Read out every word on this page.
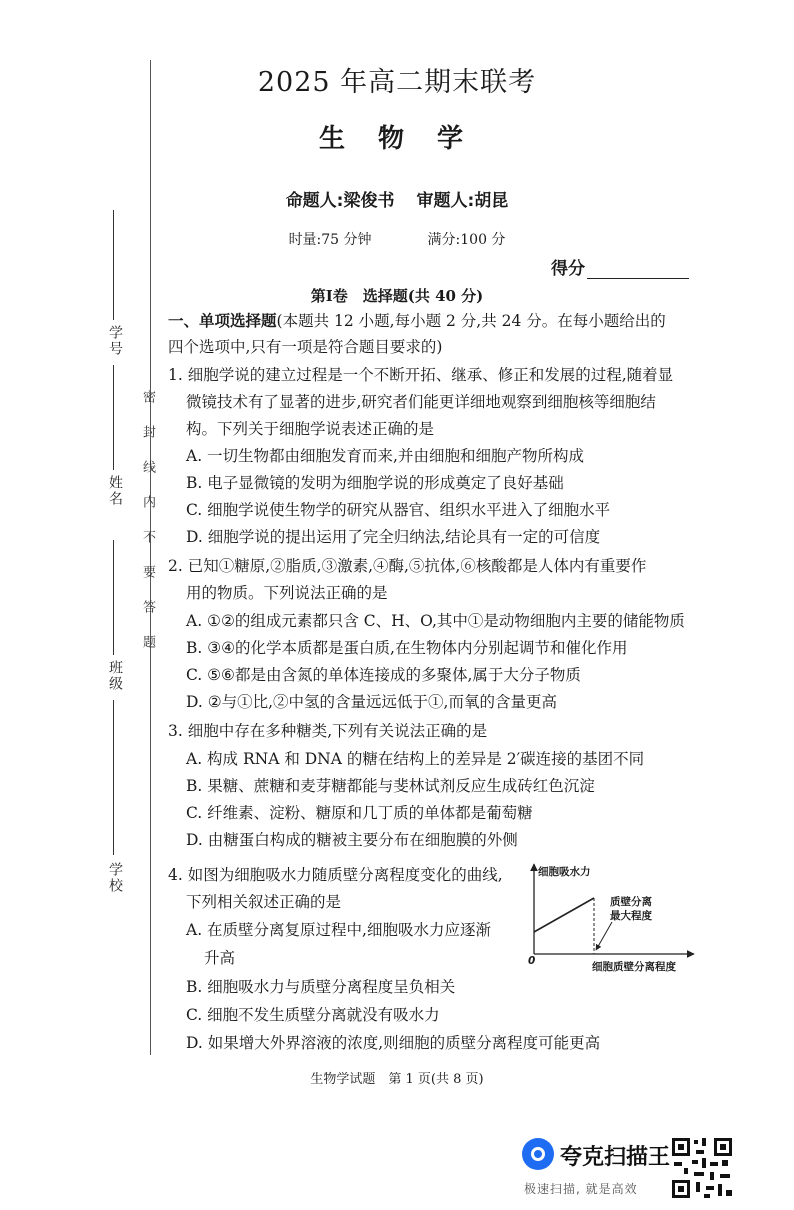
学号
姓名
班级
学校
密封线内不要答题
2025 年高二期末联考
生 物 学
命题人:梁俊书 审题人:胡昆
时量:75 分钟	满分:100 分
得分
第Ⅰ卷　选择题(共 40 分)
一、单项选择题(本题共 12 小题,每小题 2 分,共 24 分。在每小题给出的
四个选项中,只有一项是符合题目要求的)
1. 细胞学说的建立过程是一个不断开拓、继承、修正和发展的过程,随着显
微镜技术有了显著的进步,研究者们能更详细地观察到细胞核等细胞结
构。下列关于细胞学说表述正确的是
A. 一切生物都由细胞发育而来,并由细胞和细胞产物所构成
B. 电子显微镜的发明为细胞学说的形成奠定了良好基础
C. 细胞学说使生物学的研究从器官、组织水平进入了细胞水平
D. 细胞学说的提出运用了完全归纳法,结论具有一定的可信度
2. 已知①糖原,②脂质,③激素,④酶,⑤抗体,⑥核酸都是人体内有重要作
用的物质。下列说法正确的是
A. ①②的组成元素都只含 C、H、O,其中①是动物细胞内主要的储能物质
B. ③④的化学本质都是蛋白质,在生物体内分别起调节和催化作用
C. ⑤⑥都是由含氮的单体连接成的多聚体,属于大分子物质
D. ②与①比,②中氢的含量远远低于①,而氧的含量更高
3. 细胞中存在多种糖类,下列有关说法正确的是
A. 构成 RNA 和 DNA 的糖在结构上的差异是 2′碳连接的基团不同
B. 果糖、蔗糖和麦芽糖都能与斐林试剂反应生成砖红色沉淀
C. 纤维素、淀粉、糖原和几丁质的单体都是葡萄糖
D. 由糖蛋白构成的糖被主要分布在细胞膜的外侧
4. 如图为细胞吸水力随质壁分离程度变化的曲线,
下列相关叙述正确的是
A. 在质壁分离复原过程中,细胞吸水力应逐渐
升高
B. 细胞吸水力与质壁分离程度呈负相关
C. 细胞不发生质壁分离就没有吸水力
D. 如果增大外界溶液的浓度,则细胞的质壁分离程度可能更高
细胞吸水力
质壁分离
最大程度
0	细胞质壁分离程度
生物学试题　第 1 页(共 8 页)
夸克扫描王
极速扫描, 就是高效
